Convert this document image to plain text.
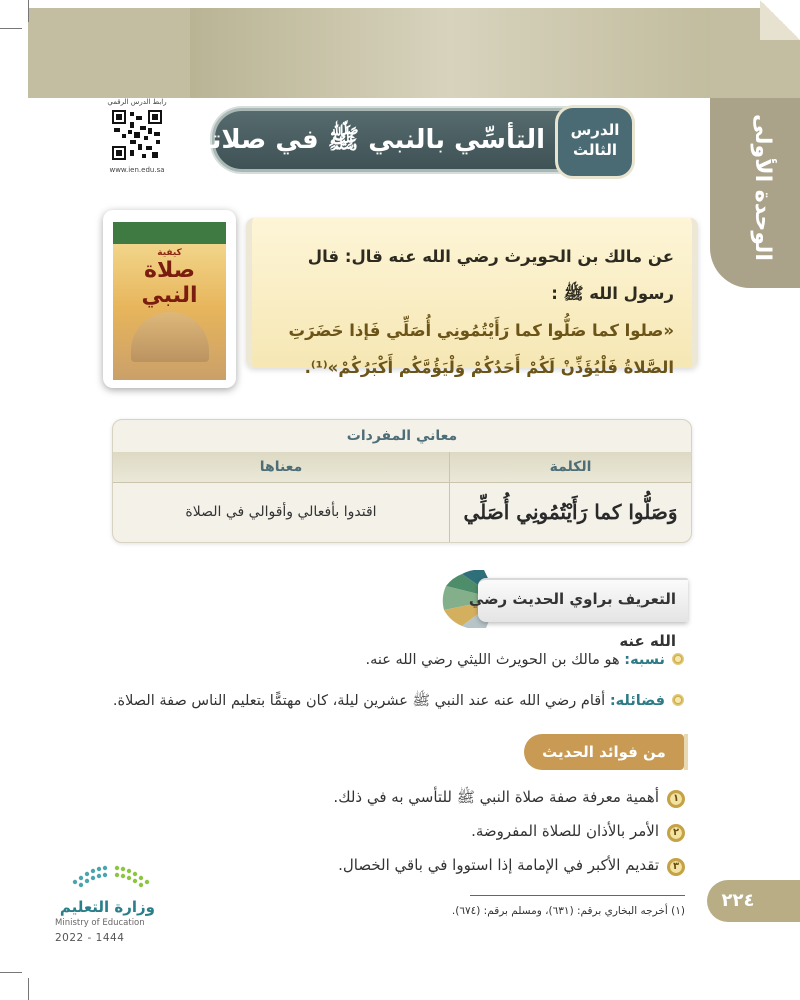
الوحدة الأولى
رابط الدرس الرقمي
www.ien.edu.sa
التأسِّي بالنبي ﷺ في صلاته	الدرس
الثالث
كيفية
صلاة النبي
عن مالك بن الحويرث رضي الله عنه قال: قال رسول الله ﷺ :
«صلوا كما صَلُّوا كما رَأَيْتُمُونِي أُصَلِّي فَإذا حَضَرَتِ الصَّلاةُ فَلْيُؤَذِّنْ لَكُمْ أَحَدُكُمْ وَلْيَؤُمَّكُم أَكْبَرُكُمْ»⁽¹⁾.
معاني المفردات
الكلمة
معناها
وَصَلُّوا كما رَأَيْتُمُونِي أُصَلِّي
اقتدوا بأفعالي وأقوالي في الصلاة
التعريف براوي الحديث رضي الله عنه
نسبه: هو مالك بن الحويرث الليثي رضي الله عنه.
فضائله: أقام رضي الله عنه عند النبي ﷺ عشرين ليلة، كان مهتمًّا بتعليم الناس صفة الصلاة.
من فوائد الحديث
١أهمية معرفة صفة صلاة النبي ﷺ للتأسي به في ذلك.
٢الأمر بالأذان للصلاة المفروضة.
٣تقديم الأكبر في الإمامة إذا استووا في باقي الخصال.
(١) أخرجه البخاري برقم: (٦٣١)، ومسلم برقم: (٦٧٤).	٢٢٤
وزارة التعليم
Ministry of Education
2022 - 1444
